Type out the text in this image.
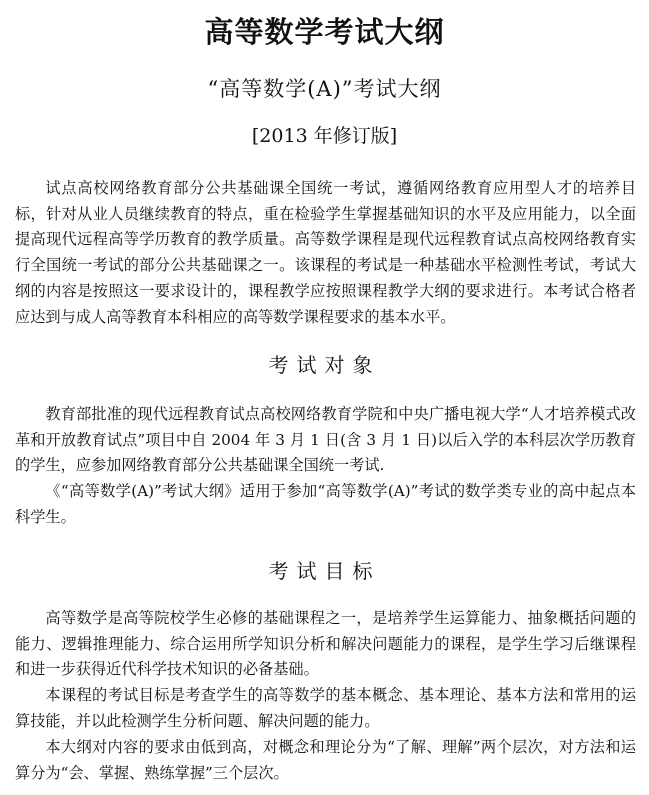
高等数学考试大纲
“高等数学(A)”考试大纲
[2013 年修订版]

试点高校网络教育部分公共基础课全国统一考试，遵循网络教育应用型人才的培养目标，针对从业人员继续教育的特点，重在检验学生掌握基础知识的水平及应用能力，以全面提高现代远程高等学历教育的教学质量。高等数学课程是现代远程教育试点高校网络教育实行全国统一考试的部分公共基础课之一。该课程的考试是一种基础水平检测性考试，考试大纲的内容是按照这一要求设计的，课程教学应按照课程教学大纲的要求进行。本考试合格者应达到与成人高等教育本科相应的高等数学课程要求的基本水平。

考试对象

教育部批准的现代远程教育试点高校网络教育学院和中央广播电视大学“人才培养模式改革和开放教育试点”项目中自 2004 年 3 月 1 日(含 3 月 1 日)以后入学的本科层次学历教育的学生，应参加网络教育部分公共基础课全国统一考试.

《“高等数学(A)”考试大纲》适用于参加“高等数学(A)”考试的数学类专业的高中起点本科学生。

考试目标

高等数学是高等院校学生必修的基础课程之一，是培养学生运算能力、抽象概括问题的能力、逻辑推理能力、综合运用所学知识分析和解决问题能力的课程，是学生学习后继课程和进一步获得近代科学技术知识的必备基础。

本课程的考试目标是考查学生的高等数学的基本概念、基本理论、基本方法和常用的运算技能，并以此检测学生分析问题、解决问题的能力。

本大纲对内容的要求由低到高，对概念和理论分为“了解、理解”两个层次，对方法和运算分为“会、掌握、熟练掌握”三个层次。
